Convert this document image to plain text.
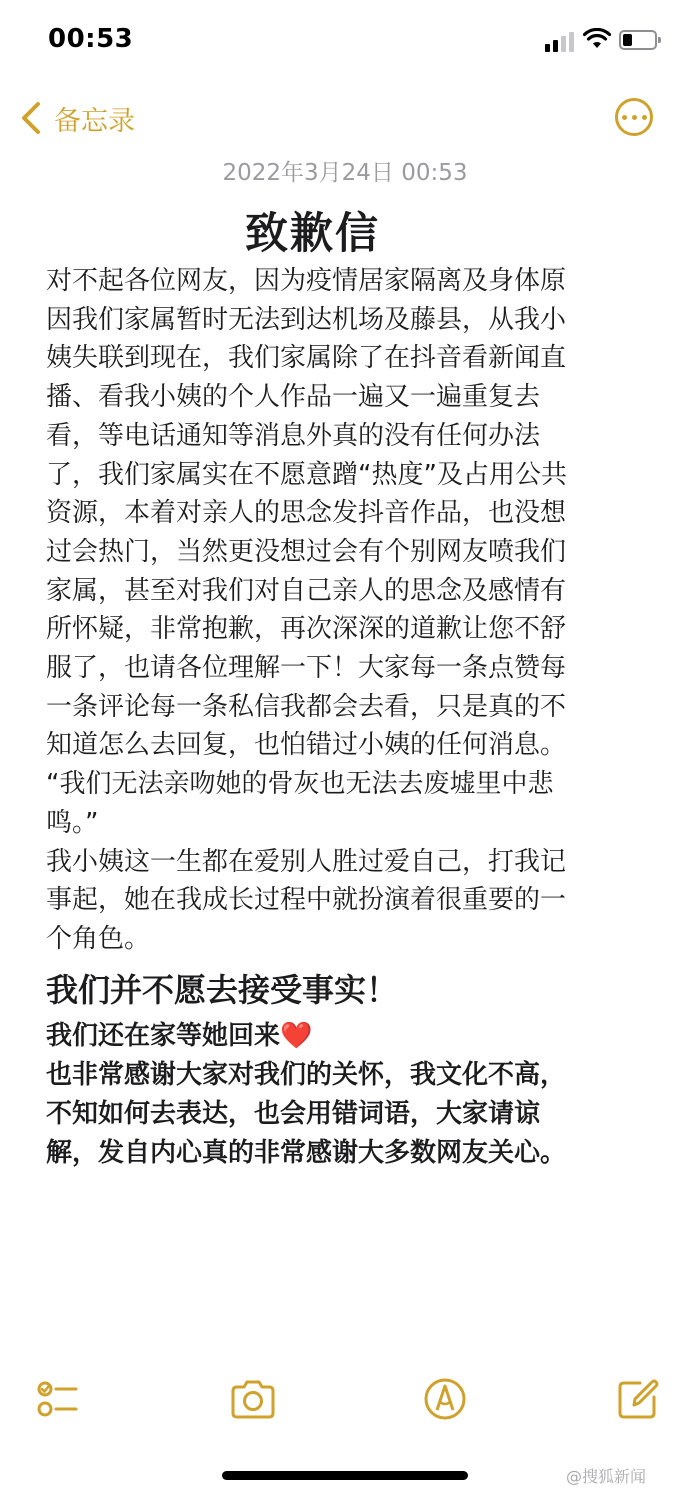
00:53
备忘录
2022年3月24日 00:53
致歉信

对不起各位网友，因为疫情居家隔离及身体原
因我们家属暂时无法到达机场及藤县，从我小
姨失联到现在，我们家属除了在抖音看新闻直
播、看我小姨的个人作品一遍又一遍重复去
看，等电话通知等消息外真的没有任何办法
了，我们家属实在不愿意蹭“热度”及占用公共
资源，本着对亲人的思念发抖音作品，也没想
过会热门，当然更没想过会有个别网友喷我们
家属，甚至对我们对自己亲人的思念及感情有
所怀疑，非常抱歉，再次深深的道歉让您不舒
服了，也请各位理解一下！大家每一条点赞每
一条评论每一条私信我都会去看，只是真的不
知道怎么去回复，也怕错过小姨的任何消息。
“我们无法亲吻她的骨灰也无法去废墟里中悲
鸣。”

我小姨这一生都在爱别人胜过爱自己，打我记
事起，她在我成长过程中就扮演着很重要的一
个角色。

我们并不愿去接受事实！
我们还在家等她回来❤️

也非常感谢大家对我们的关怀，我文化不高，
不知如何去表达，也会用错词语，大家请谅
解，发自内心真的非常感谢大多数网友关心。

@搜狐新闻
